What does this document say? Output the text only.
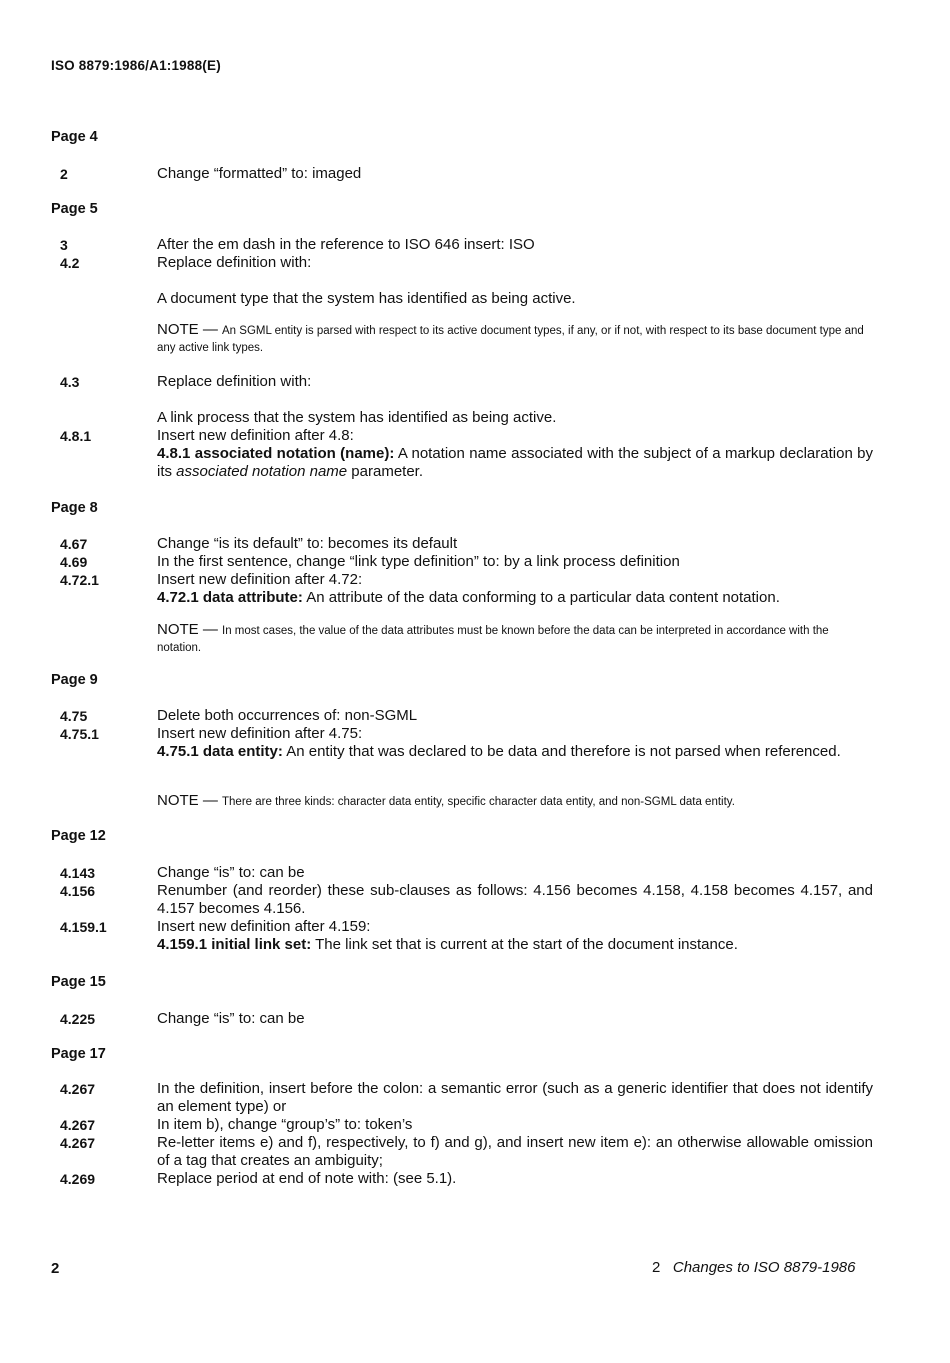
ISO 8879:1986/A1:1988(E)
Page 4
2	Change “formatted” to: imaged
Page 5
3	After the em dash in the reference to ISO 646 insert: ISO
4.2	Replace definition with:
A document type that the system has identified as being active.
NOTE — An SGML entity is parsed with respect to its active document types, if any, or if not, with respect to its base document type and any active link types.
4.3	Replace definition with:
A link process that the system has identified as being active.
4.8.1	Insert new definition after 4.8:
4.8.1 associated notation (name): A notation name associated with the subject of a markup declaration by its associated notation name parameter.
Page 8
4.67	Change “is its default” to: becomes its default
4.69	In the first sentence, change “link type definition” to: by a link process definition
4.72.1	Insert new definition after 4.72:
4.72.1 data attribute: An attribute of the data conforming to a particular data content notation.
NOTE — In most cases, the value of the data attributes must be known before the data can be interpreted in accordance with the notation.
Page 9
4.75	Delete both occurrences of: non-SGML
4.75.1	Insert new definition after 4.75:
4.75.1 data entity: An entity that was declared to be data and therefore is not parsed when referenced.
NOTE — There are three kinds: character data entity, specific character data entity, and non-SGML data entity.
Page 12
4.143	Change “is” to: can be
4.156	Renumber (and reorder) these sub-clauses as follows: 4.156 becomes 4.158, 4.158 becomes 4.157, and 4.157 becomes 4.156.
4.159.1	Insert new definition after 4.159:
4.159.1 initial link set: The link set that is current at the start of the document instance.
Page 15
4.225	Change “is” to: can be
Page 17
4.267	In the definition, insert before the colon: a semantic error (such as a generic identifier that does not identify an element type) or
4.267	In item b), change “group’s” to: token’s
4.267	Re-letter items e) and f), respectively, to f) and g), and insert new item e): an otherwise allowable omission of a tag that creates an ambiguity;
4.269	Replace period at end of note with: (see 5.1).
2	2 Changes to ISO 8879-1986
